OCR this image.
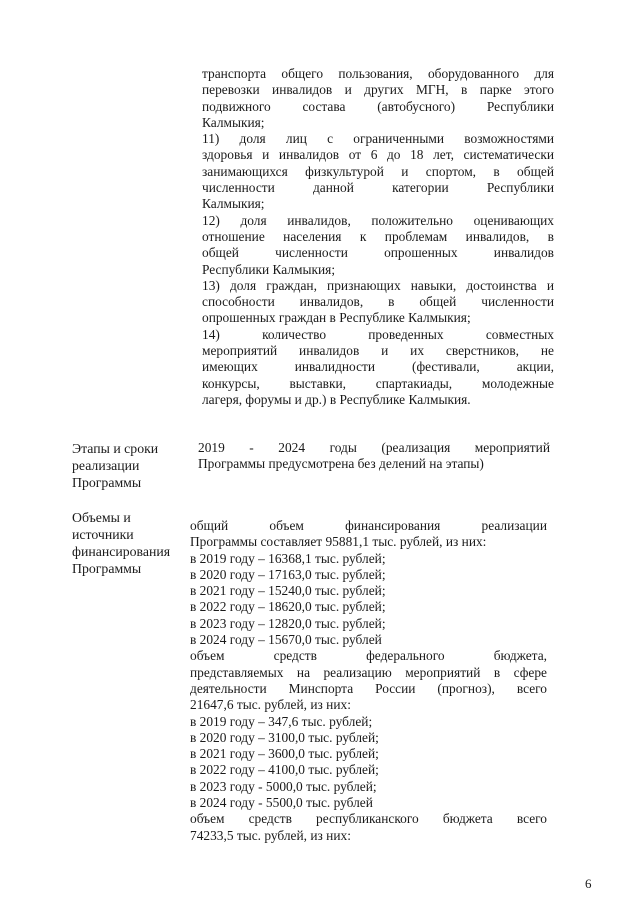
транспорта общего пользования, оборудованного для

перевозки инвалидов и других МГН, в парке этого

подвижного состава (автобусного) Республики

Калмыкия;

11) доля лиц с ограниченными возможностями

здоровья и инвалидов от 6 до 18 лет, систематически

занимающихся физкультурой и спортом, в общей

численности данной категории Республики

Калмыкия;

12) доля инвалидов, положительно оценивающих

отношение населения к проблемам инвалидов, в

общей численности опрошенных инвалидов

Республики Калмыкия;

13) доля граждан, признающих навыки, достоинства и

способности инвалидов, в общей численности

опрошенных граждан в Республике Калмыкия;

14) количество проведенных совместных

мероприятий инвалидов и их сверстников, не

имеющих инвалидности (фестивали, акции,

конкурсы, выставки, спартакиады, молодежные

лагеря, форумы и др.) в Республике Калмыкия.

Этапы и сроки
реализации
Программы

2019 - 2024 годы (реализация мероприятий

Программы предусмотрена без делений на этапы)

Объемы и
источники
финансирования
Программы

общий объем финансирования реализации

Программы составляет 95881,1 тыс. рублей, из них:

в 2019 году – 16368,1 тыс. рублей;

в 2020 году – 17163,0 тыс. рублей;

в 2021 году – 15240,0 тыс. рублей;

в 2022 году – 18620,0 тыс. рублей;

в 2023 году – 12820,0 тыс. рублей;

в 2024 году – 15670,0 тыс. рублей

объем средств федерального бюджета,

представляемых на реализацию мероприятий в сфере

деятельности Минспорта России (прогноз), всего

21647,6 тыс. рублей, из них:

в 2019 году – 347,6 тыс. рублей;

в 2020 году – 3100,0 тыс. рублей;

в 2021 году – 3600,0 тыс. рублей;

в 2022 году – 4100,0 тыс. рублей;

в 2023 году - 5000,0 тыс. рублей;

в 2024 году - 5500,0 тыс. рублей

объем средств республиканского бюджета всего

74233,5 тыс. рублей, из них:

6
